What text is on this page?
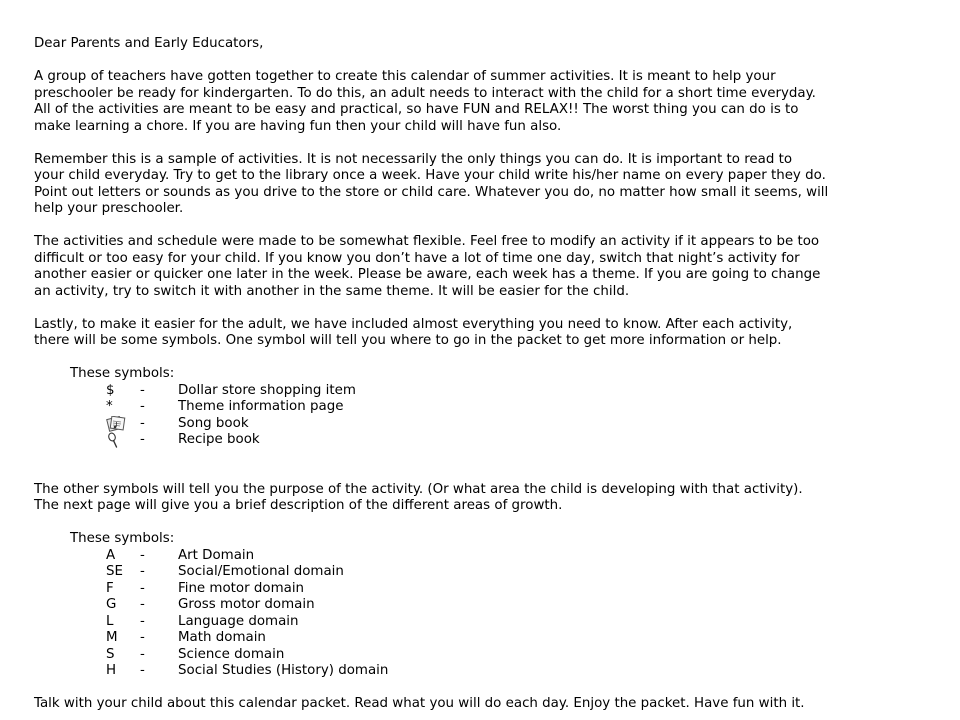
Dear Parents and Early Educators,
A group of teachers have gotten together to create this calendar of summer activities. It is meant to help your
preschooler be ready for kindergarten. To do this, an adult needs to interact with the child for a short time everyday.
All of the activities are meant to be easy and practical, so have FUN and RELAX!! The worst thing you can do is to
make learning a chore. If you are having fun then your child will have fun also.
Remember this is a sample of activities. It is not necessarily the only things you can do. It is important to read to
your child everyday. Try to get to the library once a week. Have your child write his/her name on every paper they do.
Point out letters or sounds as you drive to the store or child care. Whatever you do, no matter how small it seems, will
help your preschooler.
The activities and schedule were made to be somewhat flexible. Feel free to modify an activity if it appears to be too
difficult or too easy for your child. If you know you don’t have a lot of time one day, switch that night’s activity for
another easier or quicker one later in the week. Please be aware, each week has a theme. If you are going to change
an activity, try to switch it with another in the same theme. It will be easier for the child.
Lastly, to make it easier for the adult, we have included almost everything you need to know. After each activity,
there will be some symbols. One symbol will tell you where to go in the packet to get more information or help.
These symbols:
$	-	Dollar store shopping item
*	-	Theme information page
-	Song book
-	Recipe book
The other symbols will tell you the purpose of the activity. (Or what area the child is developing with that activity).
The next page will give you a brief description of the different areas of growth.
These symbols:
A	-	Art Domain
SE	-	Social/Emotional domain
F	-	Fine motor domain
G	-	Gross motor domain
L	-	Language domain
M	-	Math domain
S	-	Science domain
H	-	Social Studies (History) domain
Talk with your child about this calendar packet. Read what you will do each day. Enjoy the packet. Have fun with it.
